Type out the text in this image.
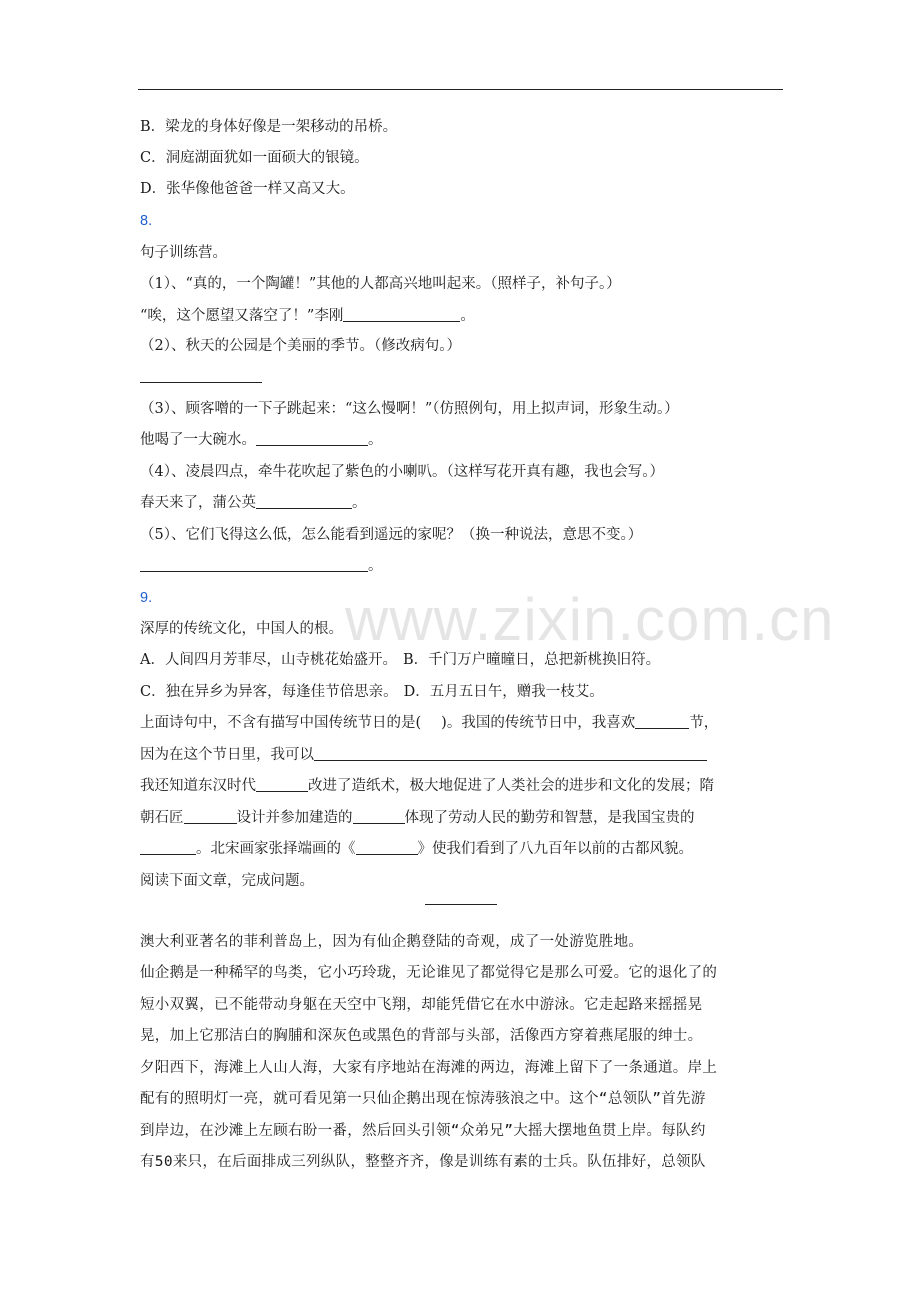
www.zixin.com.cn
B．梁龙的身体好像是一架移动的吊桥。
C．洞庭湖面犹如一面硕大的银镜。
D．张华像他爸爸一样又高又大。
8.
句子训练营。
（1）、“真的，一个陶罐！”其他的人都高兴地叫起来。（照样子，补句子。）
“唉，这个愿望又落空了！”李刚	。
（2）、秋天的公园是个美丽的季节。（修改病句。）
（3）、顾客噌的一下子跳起来：“这么慢啊！”（仿照例句，用上拟声词，形象生动。）
他喝了一大碗水。	。
（4）、凌晨四点，牵牛花吹起了紫色的小喇叭。（这样写花开真有趣，我也会写。）
春天来了，蒲公英	。
（5）、它们飞得这么低，怎么能看到遥远的家呢？（换一种说法，意思不变。）
。
9.
深厚的传统文化，中国人的根。
A．人间四月芳菲尽，山寺桃花始盛开。 B．千门万户曈曈日，总把新桃换旧符。
C．独在异乡为异客，每逢佳节倍思亲。 D．五月五日午，赠我一枝艾。
上面诗句中，不含有描写中国传统节日的是( )。我国的传统节日中，我喜欢	节，
因为在这个节日里，我可以
我还知道东汉时代	改进了造纸术，极大地促进了人类社会的进步和文化的发展；隋
朝石匠	设计并参加建造的	体现了劳动人民的勤劳和智慧，是我国宝贵的
。北宋画家张择端画的《	》使我们看到了八九百年以前的古都风貌。
阅读下面文章，完成问题。
澳大利亚著名的菲利普岛上，因为有仙企鹅登陆的奇观，成了一处游览胜地。
仙企鹅是一种稀罕的鸟类，它小巧玲珑，无论谁见了都觉得它是那么可爱。它的退化了的
短小双翼，已不能带动身躯在天空中飞翔，却能凭借它在水中游泳。它走起路来摇摇晃
晃，加上它那洁白的胸脯和深灰色或黑色的背部与头部，活像西方穿着燕尾服的绅士。
夕阳西下，海滩上人山人海，大家有序地站在海滩的两边，海滩上留下了一条通道。岸上
配有的照明灯一亮，就可看见第一只仙企鹅出现在惊涛骇浪之中。这个“总领队”首先游
到岸边，在沙滩上左顾右盼一番，然后回头引领“众弟兄”大摇大摆地鱼贯上岸。每队约
有50来只，在后面排成三列纵队，整整齐齐，像是训练有素的士兵。队伍排好，总领队
